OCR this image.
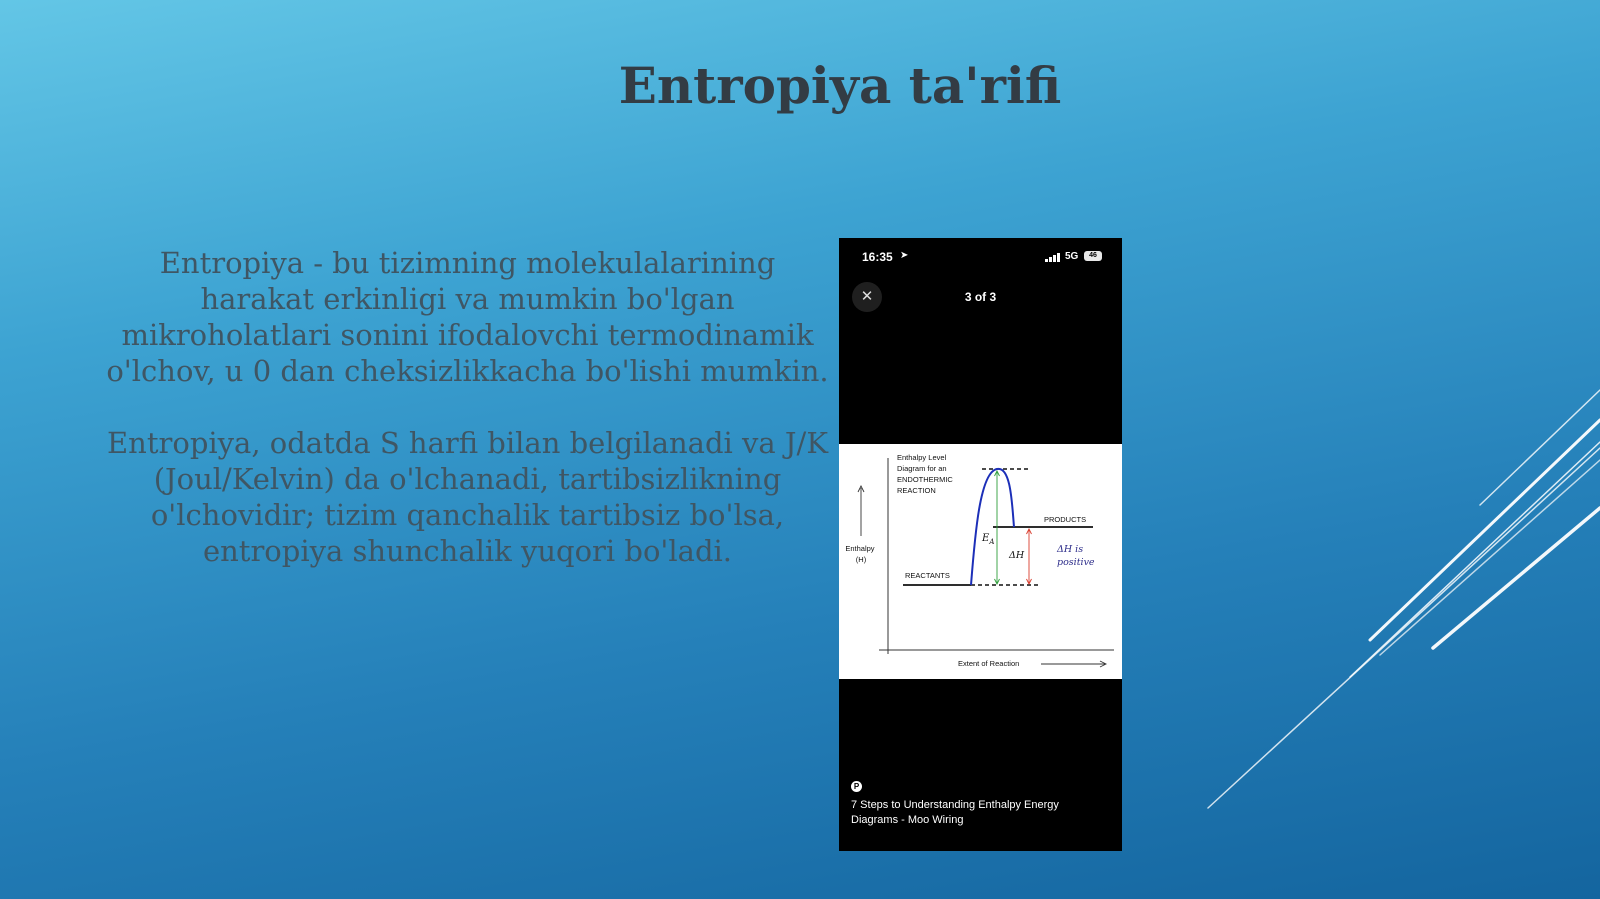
Entropiya ta'rifi
Entropiya - bu tizimning molekulalarining harakat erkinligi va mumkin bo'lgan mikroholatlari sonini ifodalovchi termodinamik o'lchov, u 0 dan cheksizlikkacha bo'lishi mumkin.
Entropiya, odatda S harfi bilan belgilanadi va J/K (Joul/Kelvin) da o'lchanadi, tartibsizlikning o'lchovidir; tizim qanchalik tartibsiz bo'lsa, entropiya shunchalik yuqori bo'ladi.
16:35 ➤	5G	46
✕	3 of 3
Enthalpy Level Diagram for an ENDOTHERMIC REACTION
Enthalpy (H)
$E_A$
ΔH
REACTANTS
PRODUCTS
ΔH is positive
Extent of Reaction
P
7 Steps to Understanding Enthalpy Energy Diagrams - Moo Wiring
